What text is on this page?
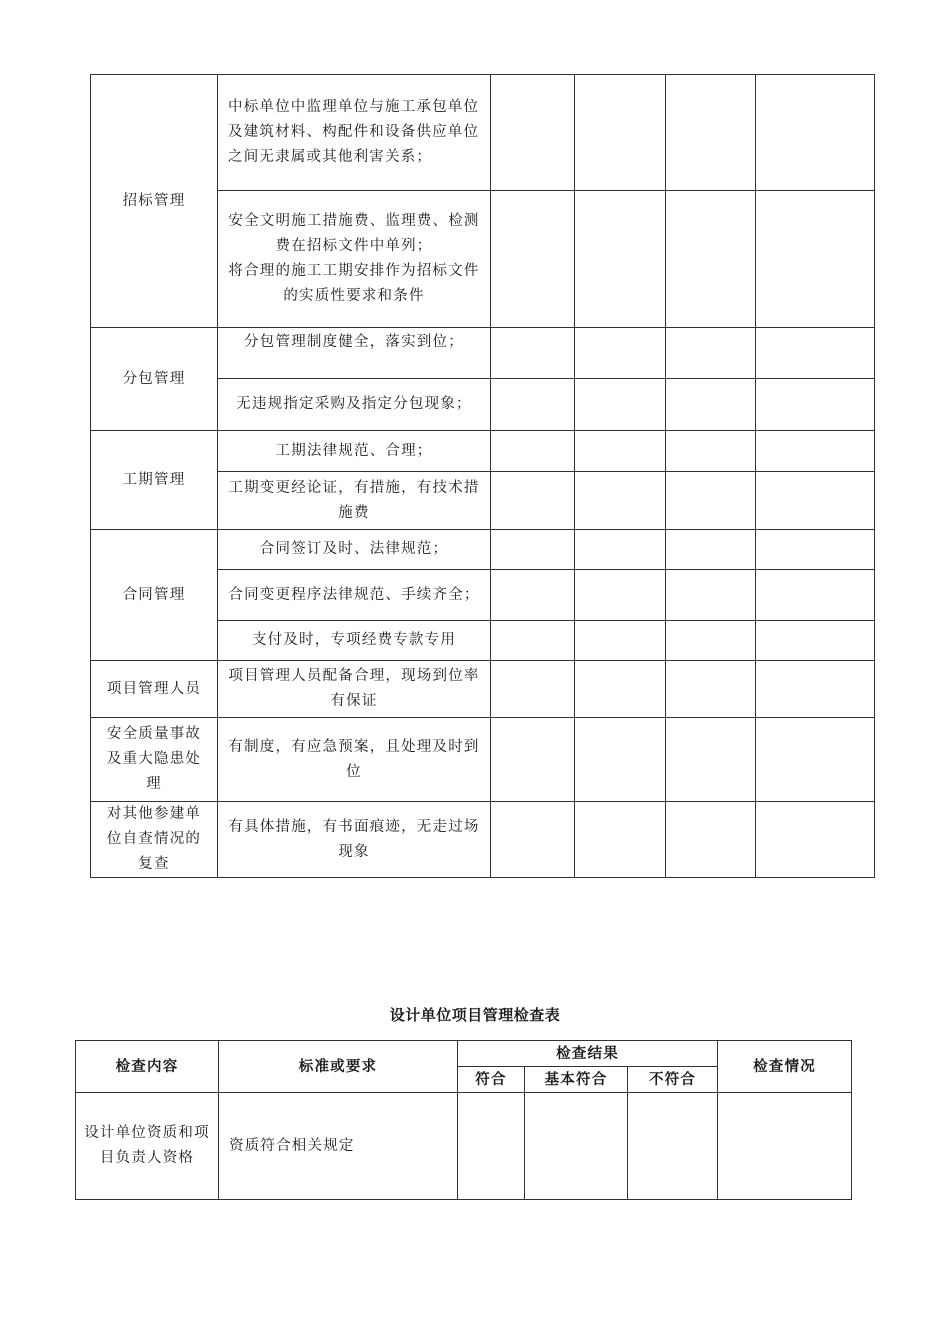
招标管理	中标单位中监理单位与施工承包单位及建筑材料、构配件和设备供应单位之间无隶属或其他利害关系；				
	安全文明施工措施费、监理费、检测费在招标文件中单列；
将合理的施工工期安排作为招标文件的实质性要求和条件				
分包管理	分包管理制度健全，落实到位；				
	无违规指定采购及指定分包现象；				
工期管理	工期法律规范、合理；				
	工期变更经论证，有措施，有技术措施费				
合同管理	合同签订及时、法律规范；				
	合同变更程序法律规范、手续齐全；				
	支付及时，专项经费专款专用				
项目管理人员	项目管理人员配备合理，现场到位率有保证				
安全质量事故及重大隐患处理	有制度，有应急预案，且处理及时到位				
对其他参建单位自查情况的复查	有具体措施，有书面痕迹，无走过场现象				
设计单位项目管理检查表
检查内容	标准或要求	检查结果			检查情况
		符合	基本符合	不符合	
设计单位资质和项目负责人资格	资质符合相关规定				
